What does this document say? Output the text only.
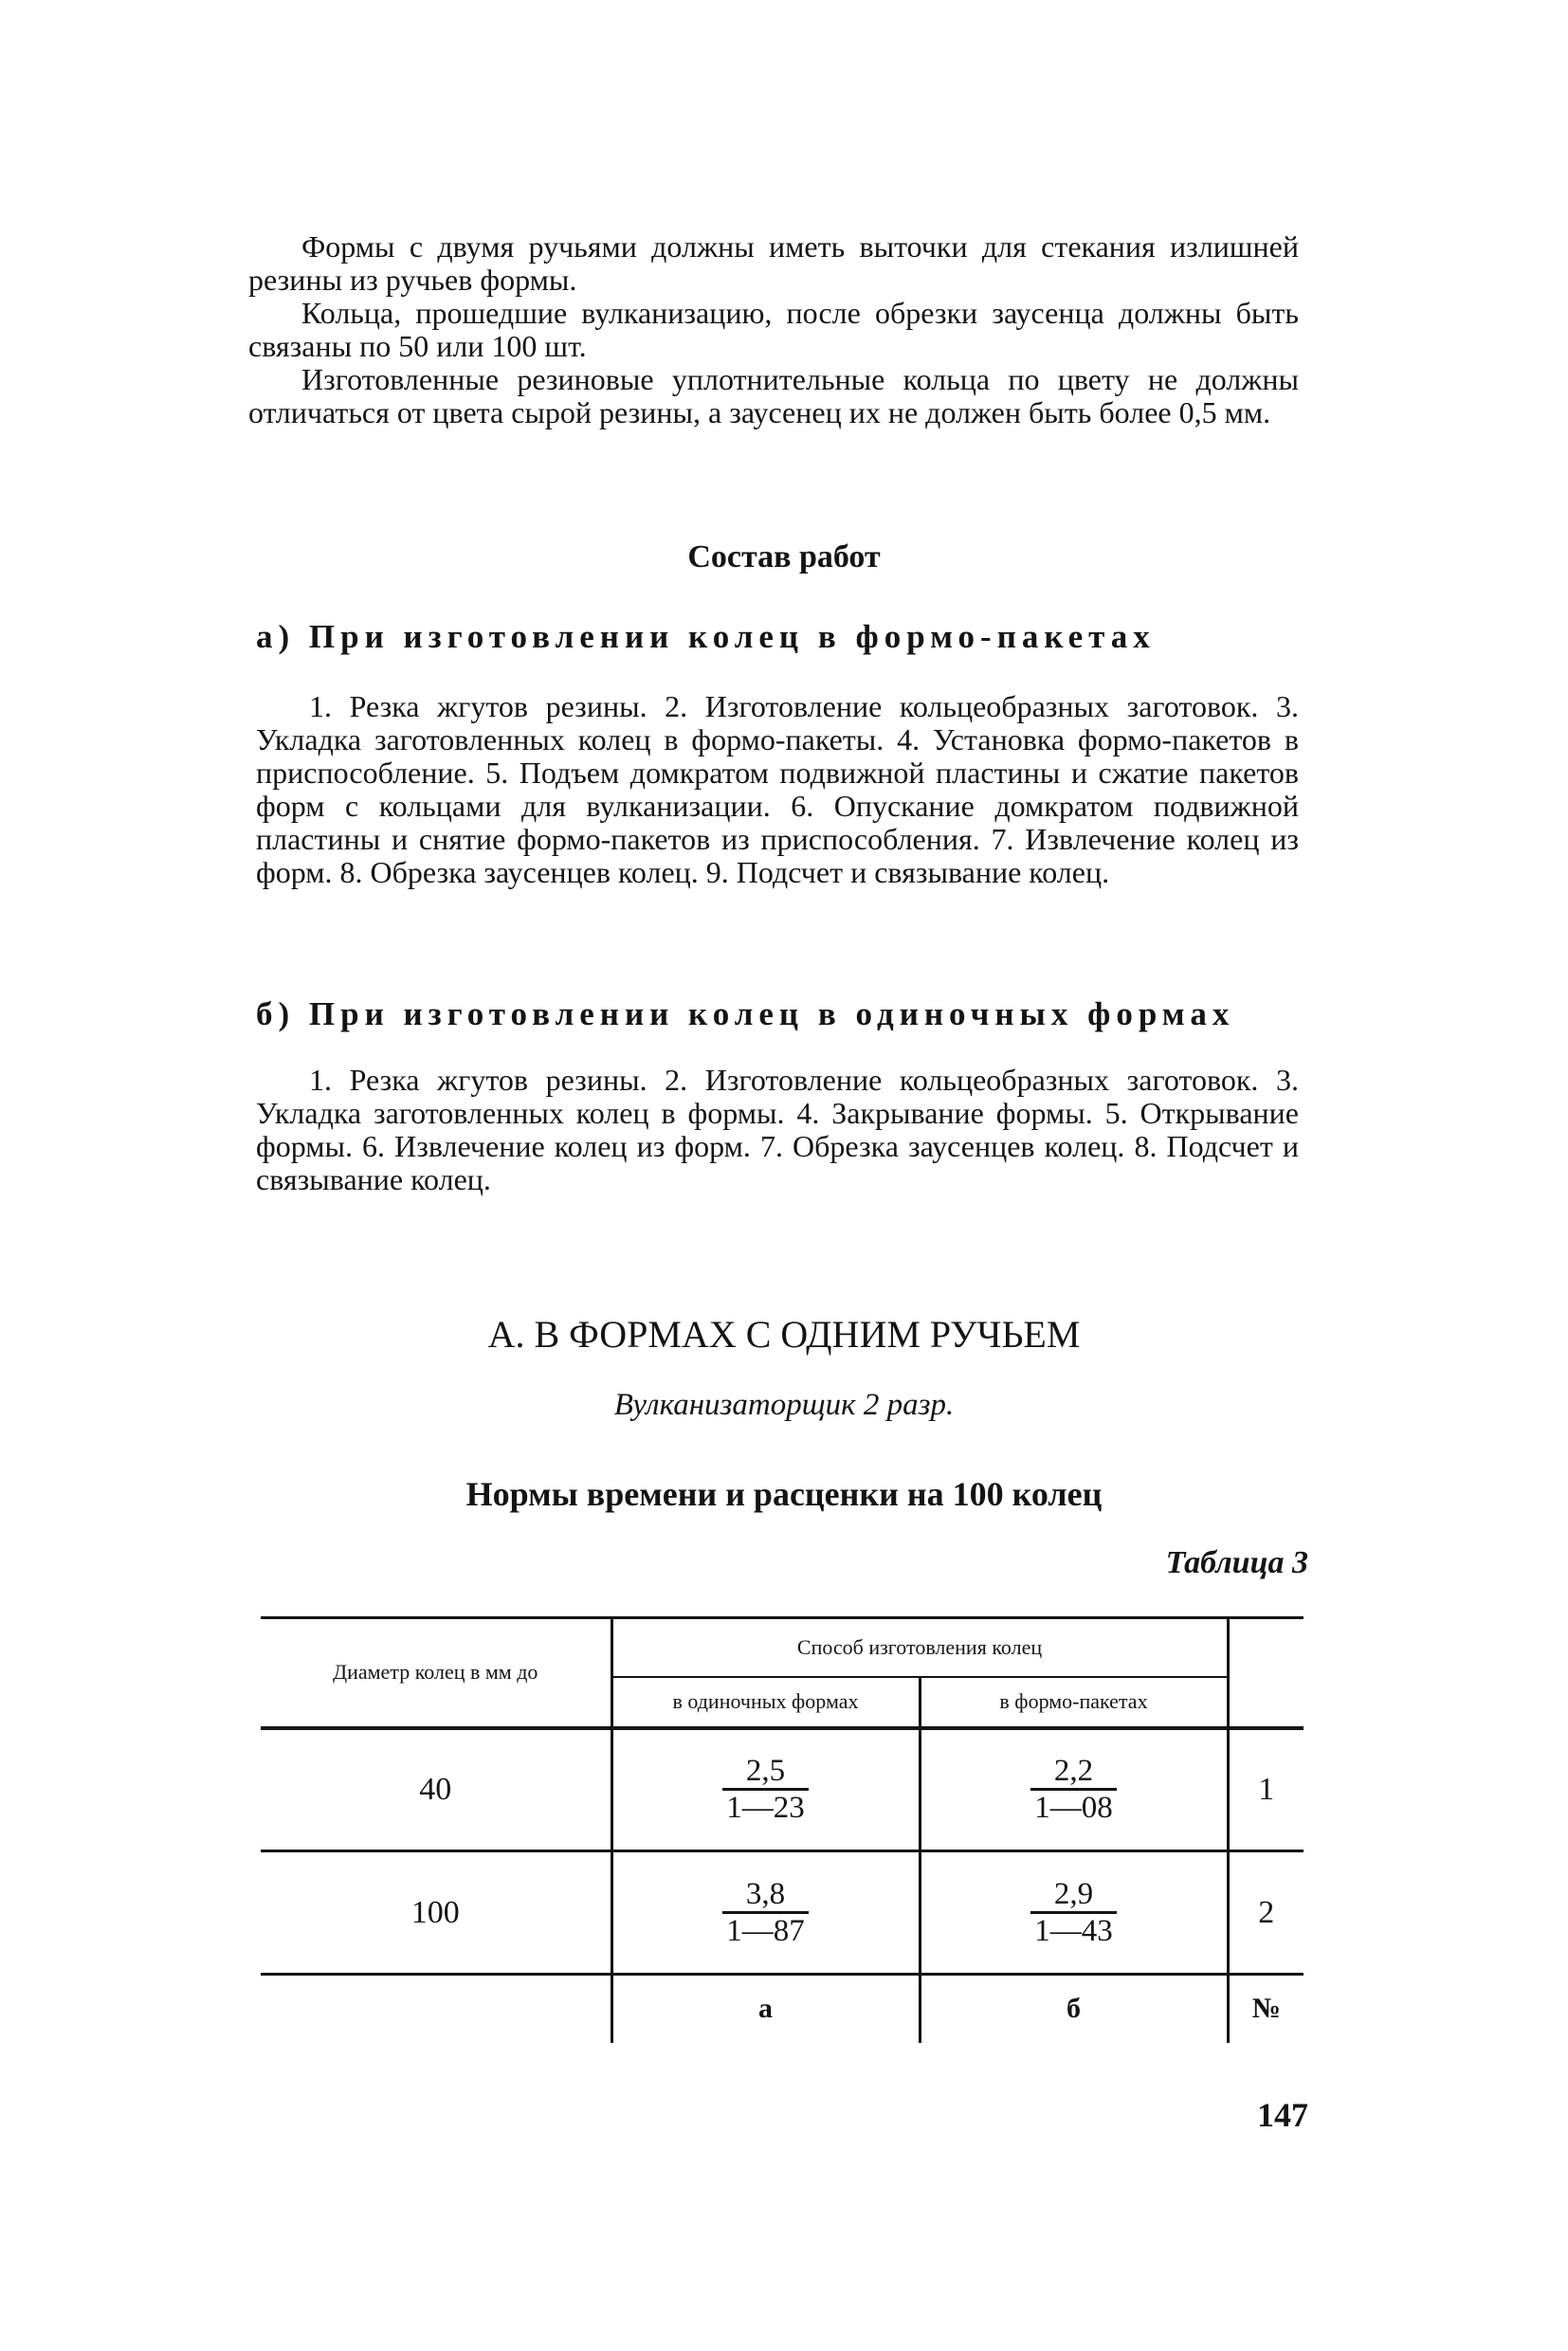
Формы с двумя ручьями должны иметь выточки для стекания излишней резины из ручьев формы.

Кольца, прошедшие вулканизацию, после обрезки заусенца должны быть связаны по 50 или 100 шт.

Изготовленные резиновые уплотнительные кольца по цвету не должны отличаться от цвета сырой резины, а заусенец их не должен быть более 0,5 мм.

Состав работ
а) При изготовлении колец в формо-пакетах

1. Резка жгутов резины. 2. Изготовление кольцеобразных заготовок. 3. Укладка заготовленных колец в формо-пакеты. 4. Установка формо-пакетов в приспособление. 5. Подъем домкратом подвижной пластины и сжатие пакетов форм с кольцами для вулканизации. 6. Опускание домкратом подвижной пластины и снятие формо-пакетов из приспособления. 7. Извлечение колец из форм. 8. Обрезка заусенцев колец. 9. Подсчет и связывание колец.

б) При изготовлении колец в одиночных формах

1. Резка жгутов резины. 2. Изготовление кольцеобразных заготовок. 3. Укладка заготовленных колец в формы. 4. Закрывание формы. 5. Открывание формы. 6. Извлечение колец из форм. 7. Обрезка заусенцев колец. 8. Подсчет и связывание колец.

А. В ФОРМАХ С ОДНИМ РУЧЬЕМ

Вулканизаторщик 2 разр.

Нормы времени и расценки на 100 колец

Таблица 3

Диаметр колец в мм до	Способ изготовления колец		
	в одиночных формах	в формо-пакетах	
40	$\frac{2,5}{1—23}$	$\frac{2,2}{1—08}$	1
100	$\frac{3,8}{1—87}$	$\frac{2,9}{1—43}$	2
	а	б	№

147
